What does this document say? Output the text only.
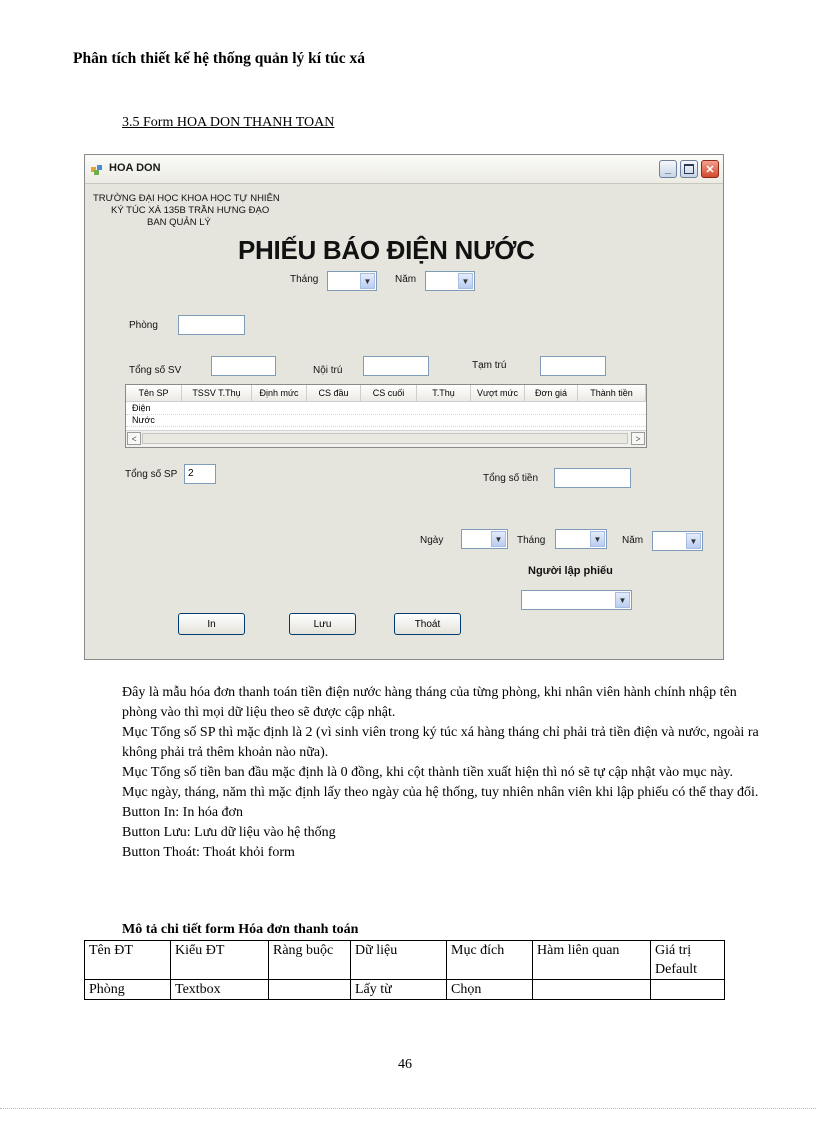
Phân tích thiết kế hệ thống quản lý kí túc xá
3.5 Form HOA DON THANH TOAN
HOA DON	_	✕
TRƯỜNG ĐẠI HỌC KHOA HỌC TỰ NHIÊN
KÝ TÚC XÁ 135B TRẦN HƯNG ĐẠO
BAN QUẢN LÝ
PHIẾU BÁO ĐIỆN NƯỚC
Tháng	▼	Năm	▼
Phòng
Tổng số SV	Nội trú	Tạm trú
Tên SP	TSSV T.Thụ	Định mức	CS đầu	CS cuối	T.Thụ	Vượt mức	Đơn giá	Thành tiền
Điện
Nước
<	>
Tổng số SP	2	Tổng số tiền
Ngày	▼	Tháng	▼	Năm	▼
Người lập phiếu
▼
In	Lưu	Thoát

Đây là mẫu hóa đơn thanh toán tiền điện nước hàng tháng của từng phòng, khi nhân viên hành chính nhập tên phòng vào thì mọi dữ liệu theo sẽ được cập nhật.

Mục Tổng số SP thì mặc định là 2 (vì sinh viên trong ký túc xá hàng tháng chỉ phải trả tiền điện và nước, ngoài ra không phải trả thêm khoản nào nữa).

Mục Tổng số tiền ban đầu mặc định là 0 đồng, khi cột thành tiền xuất hiện thì nó sẽ tự cập nhật vào mục này.

Mục ngày, tháng, năm thì mặc định lấy theo ngày của hệ thống, tuy nhiên nhân viên khi lập phiếu có thể thay đổi.

Button In: In hóa đơn

Button Lưu: Lưu dữ liệu vào hệ thống

Button Thoát: Thoát khỏi form

Mô tả chi tiết form Hóa đơn thanh toán
Tên ĐT	Kiểu ĐT	Ràng buộc	Dữ liệu	Mục đích	Hàm liên quan	Giá trị Default
Phòng	Textbox		Lấy từ	Chọn		
46
